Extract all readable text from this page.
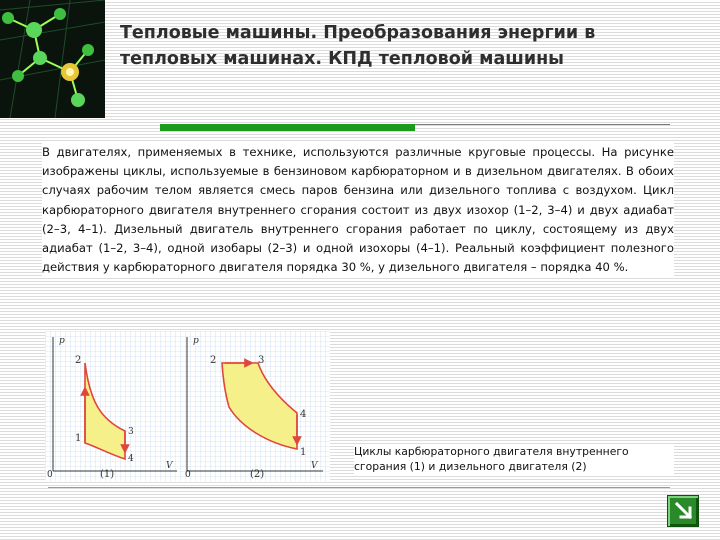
Тепловые машины. Преобразования энергии в тепловых машинах. КПД тепловой машины

В двигателях, применяемых в технике, используются различные круговые процессы. На рисунке изображены циклы, используемые в бензиновом карбюраторном и в дизельном двигателях. В обоих случаях рабочим телом является смесь паров бензина или дизельного топлива с воздухом. Цикл карбюраторного двигателя внутреннего сгорания состоит из двух изохор (1–2, 3–4) и двух адиабат (2–3, 4–1). Дизельный двигатель внутреннего сгорания работает по циклу, состоящему из двух адиабат (1–2, 3–4), одной изобары (2–3) и одной изохоры (4–1). Реальный коэффициент полезного действия у карбюраторного двигателя порядка 30 %, у дизельного двигателя – порядка 40 %.

p
V
0
2
1
3
4
(1)
p
V
0
2	3
4
1
(2)

Циклы карбюраторного двигателя внутреннего сгорания (1) и дизельного двигателя (2)
